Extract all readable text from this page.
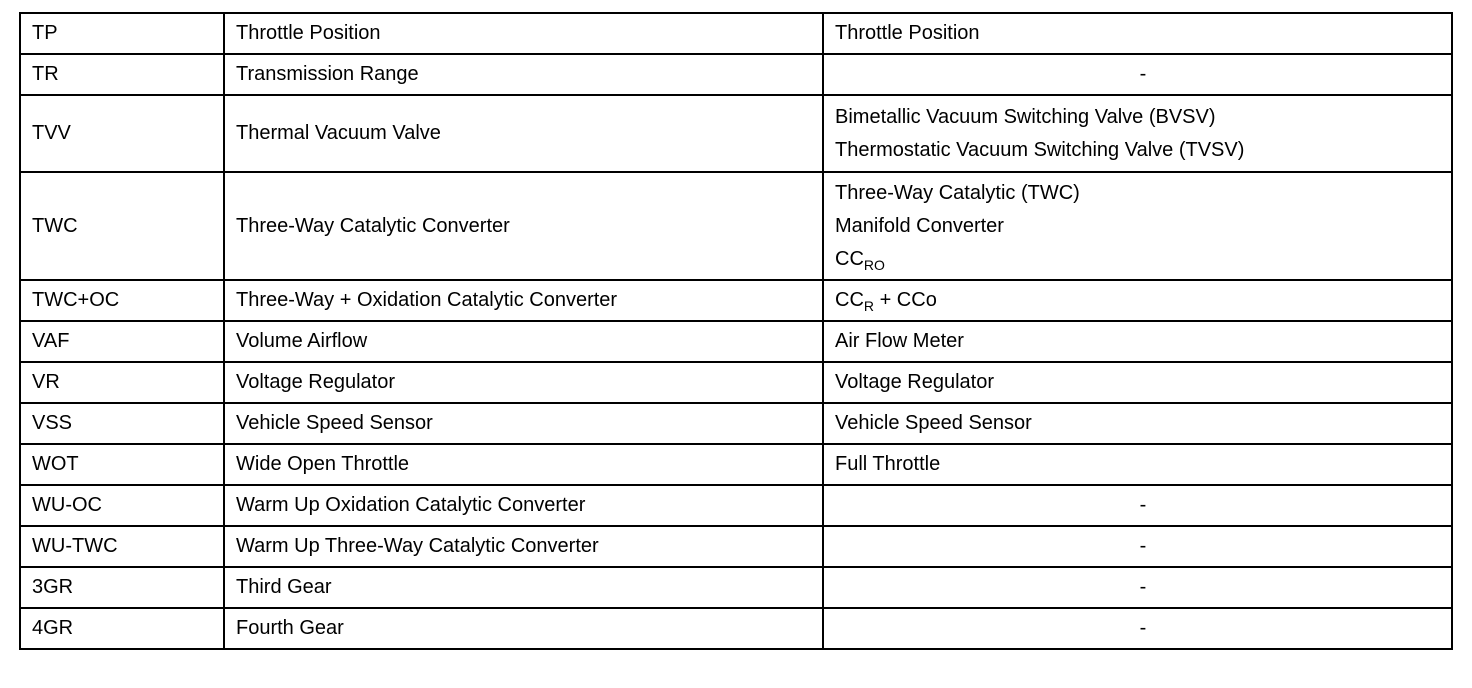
TP	Throttle Position	Throttle Position
TR	Transmission Range	-
TVV	Thermal Vacuum Valve	Bimetallic Vacuum Switching Valve (BVSV)
Thermostatic Vacuum Switching Valve (TVSV)

TWC	Three-Way Catalytic Converter	Three-Way Catalytic (TWC)
Manifold Converter
$CC_{RO}$

TWC+OC	Three-Way + Oxidation Catalytic Converter	$CC_R$ + CCo
VAF	Volume Airflow	Air Flow Meter
VR	Voltage Regulator	Voltage Regulator
VSS	Vehicle Speed Sensor	Vehicle Speed Sensor
WOT	Wide Open Throttle	Full Throttle
WU-OC	Warm Up Oxidation Catalytic Converter	-
WU-TWC	Warm Up Three-Way Catalytic Converter	-
3GR	Third Gear	-
4GR	Fourth Gear	-
